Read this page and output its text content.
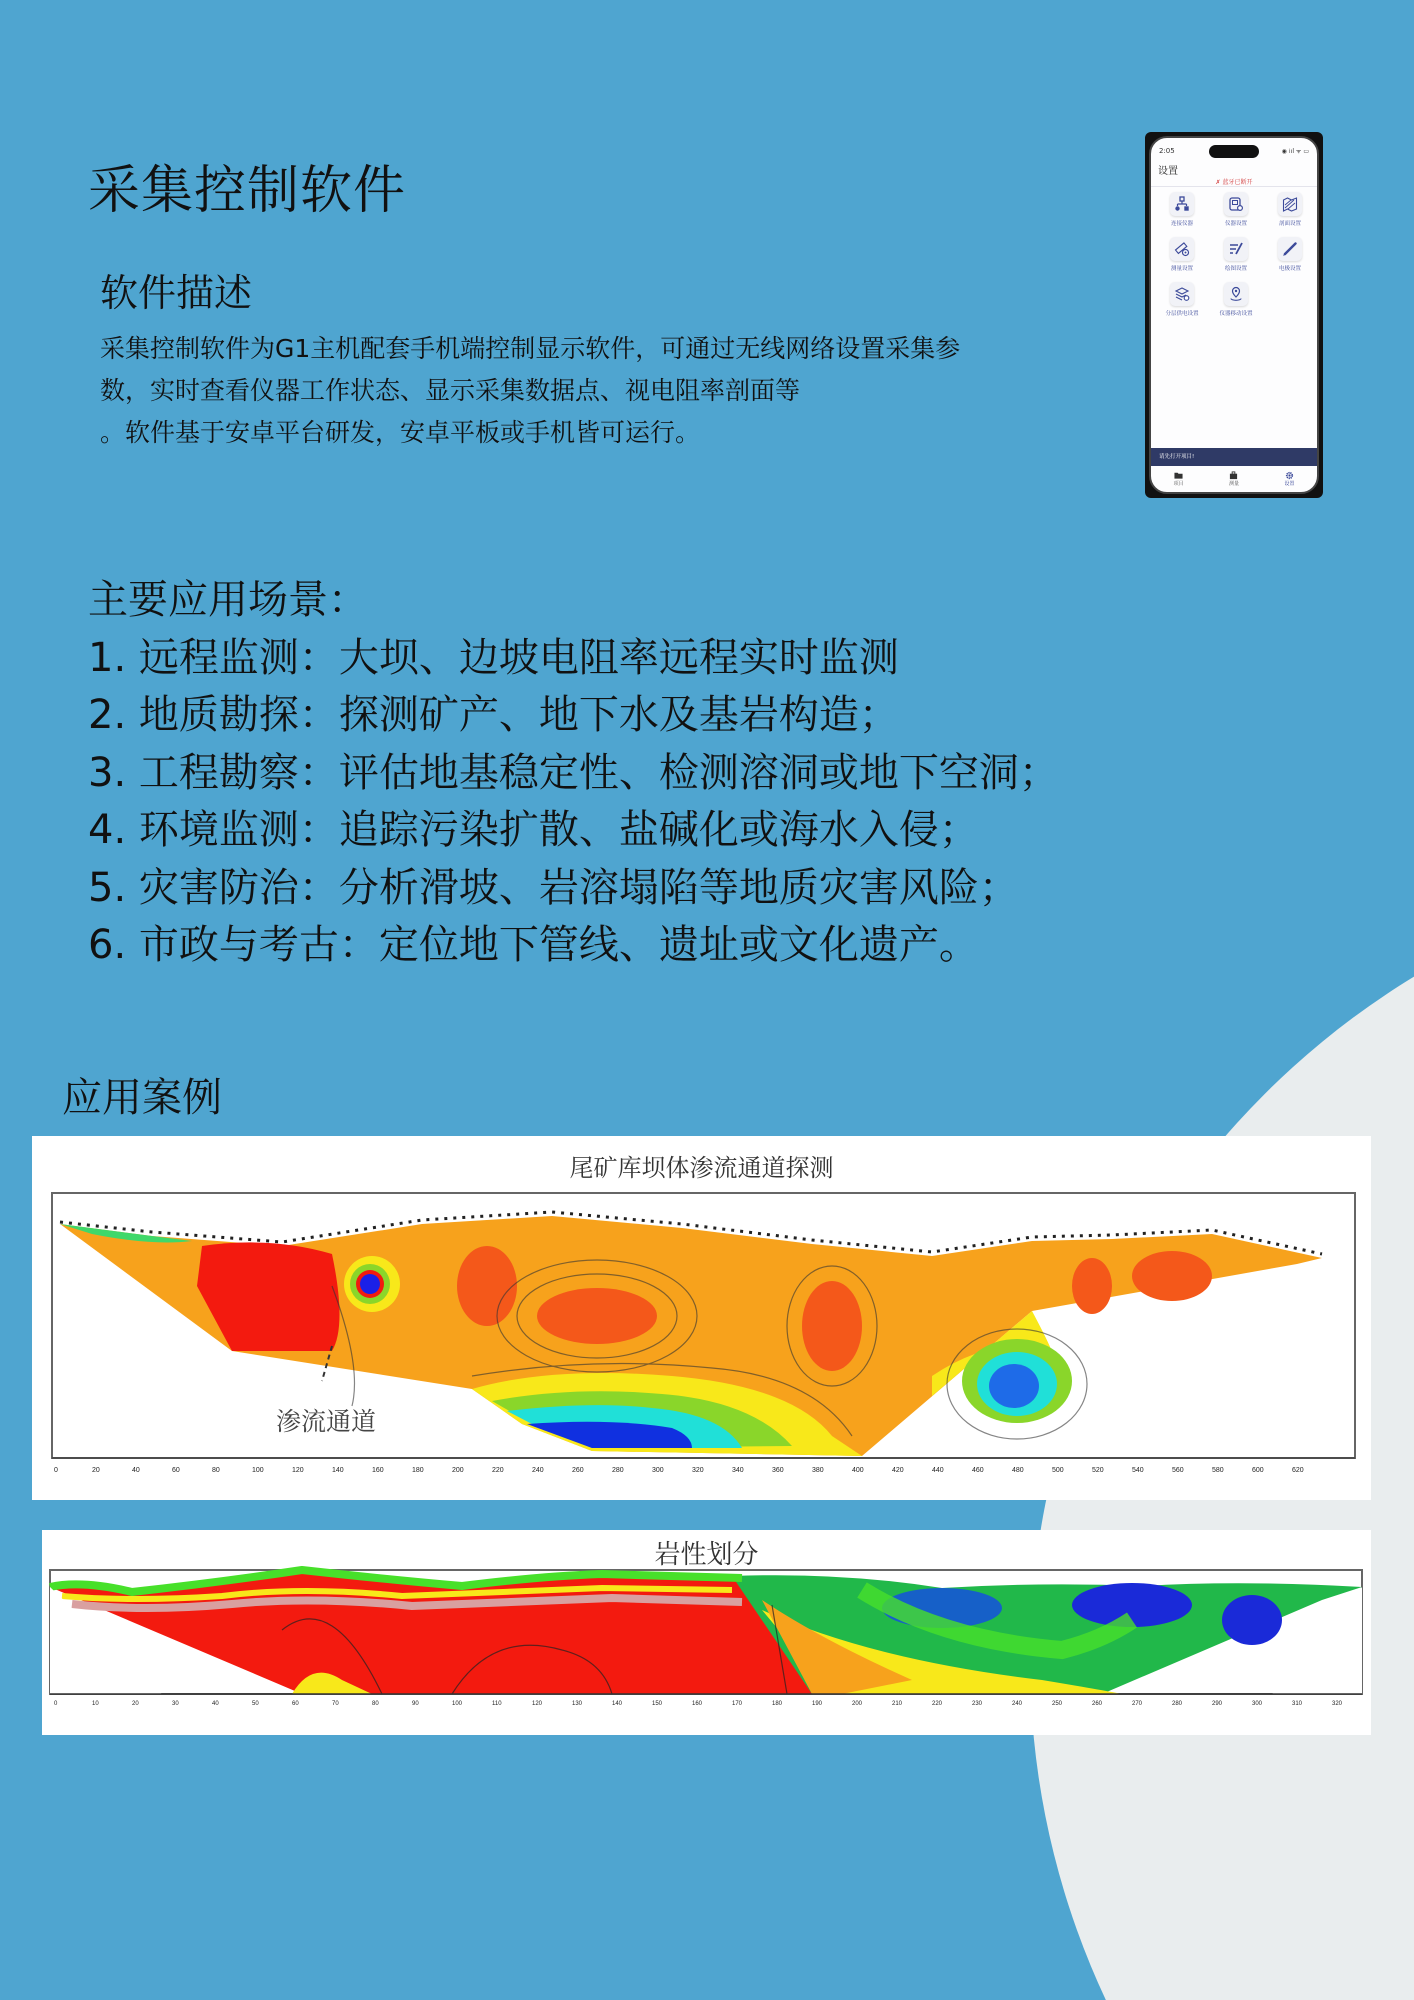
采集控制软件
软件描述
采集控制软件为G1主机配套手机端控制显示软件，可通过无线网络设置采集参
数，实时查看仪器工作状态、显示采集数据点、视电阻率剖面等
。软件基于安卓平台研发，安卓平板或手机皆可运行。
2:05	◉ ⁞ıl ᯤ ▭
设置
✗ 蓝牙已断开
连接仪器	仪器设置	剖面设置
测量设置	绘图设置	电极设置
分层供电设置	仪器移动设置
请先打开项目!
项目	测量	设置
主要应用场景：
1. 远程监测：大坝、边坡电阻率远程实时监测
2. 地质勘探：探测矿产、地下水及基岩构造；
3. 工程勘察：评估地基稳定性、检测溶洞或地下空洞；
4. 环境监测：追踪污染扩散、盐碱化或海水入侵；
5. 灾害防治：分析滑坡、岩溶塌陷等地质灾害风险；
6. 市政与考古：定位地下管线、遗址或文化遗产。
应用案例
0	20	40	60	80	100	120	140	160	180	200	220	240	260	280	300	320	340	360	380	400	420	440	460	480	500	520	540	560	580	600	620
尾矿库坝体渗流通道探测
渗流通道
0	10	20	30	40	50	60	70	80	90	100	110	120	130	140	150	160	170	180	190	200	210	220	230	240	250	260	270	280	290	300	310	320
岩性划分
